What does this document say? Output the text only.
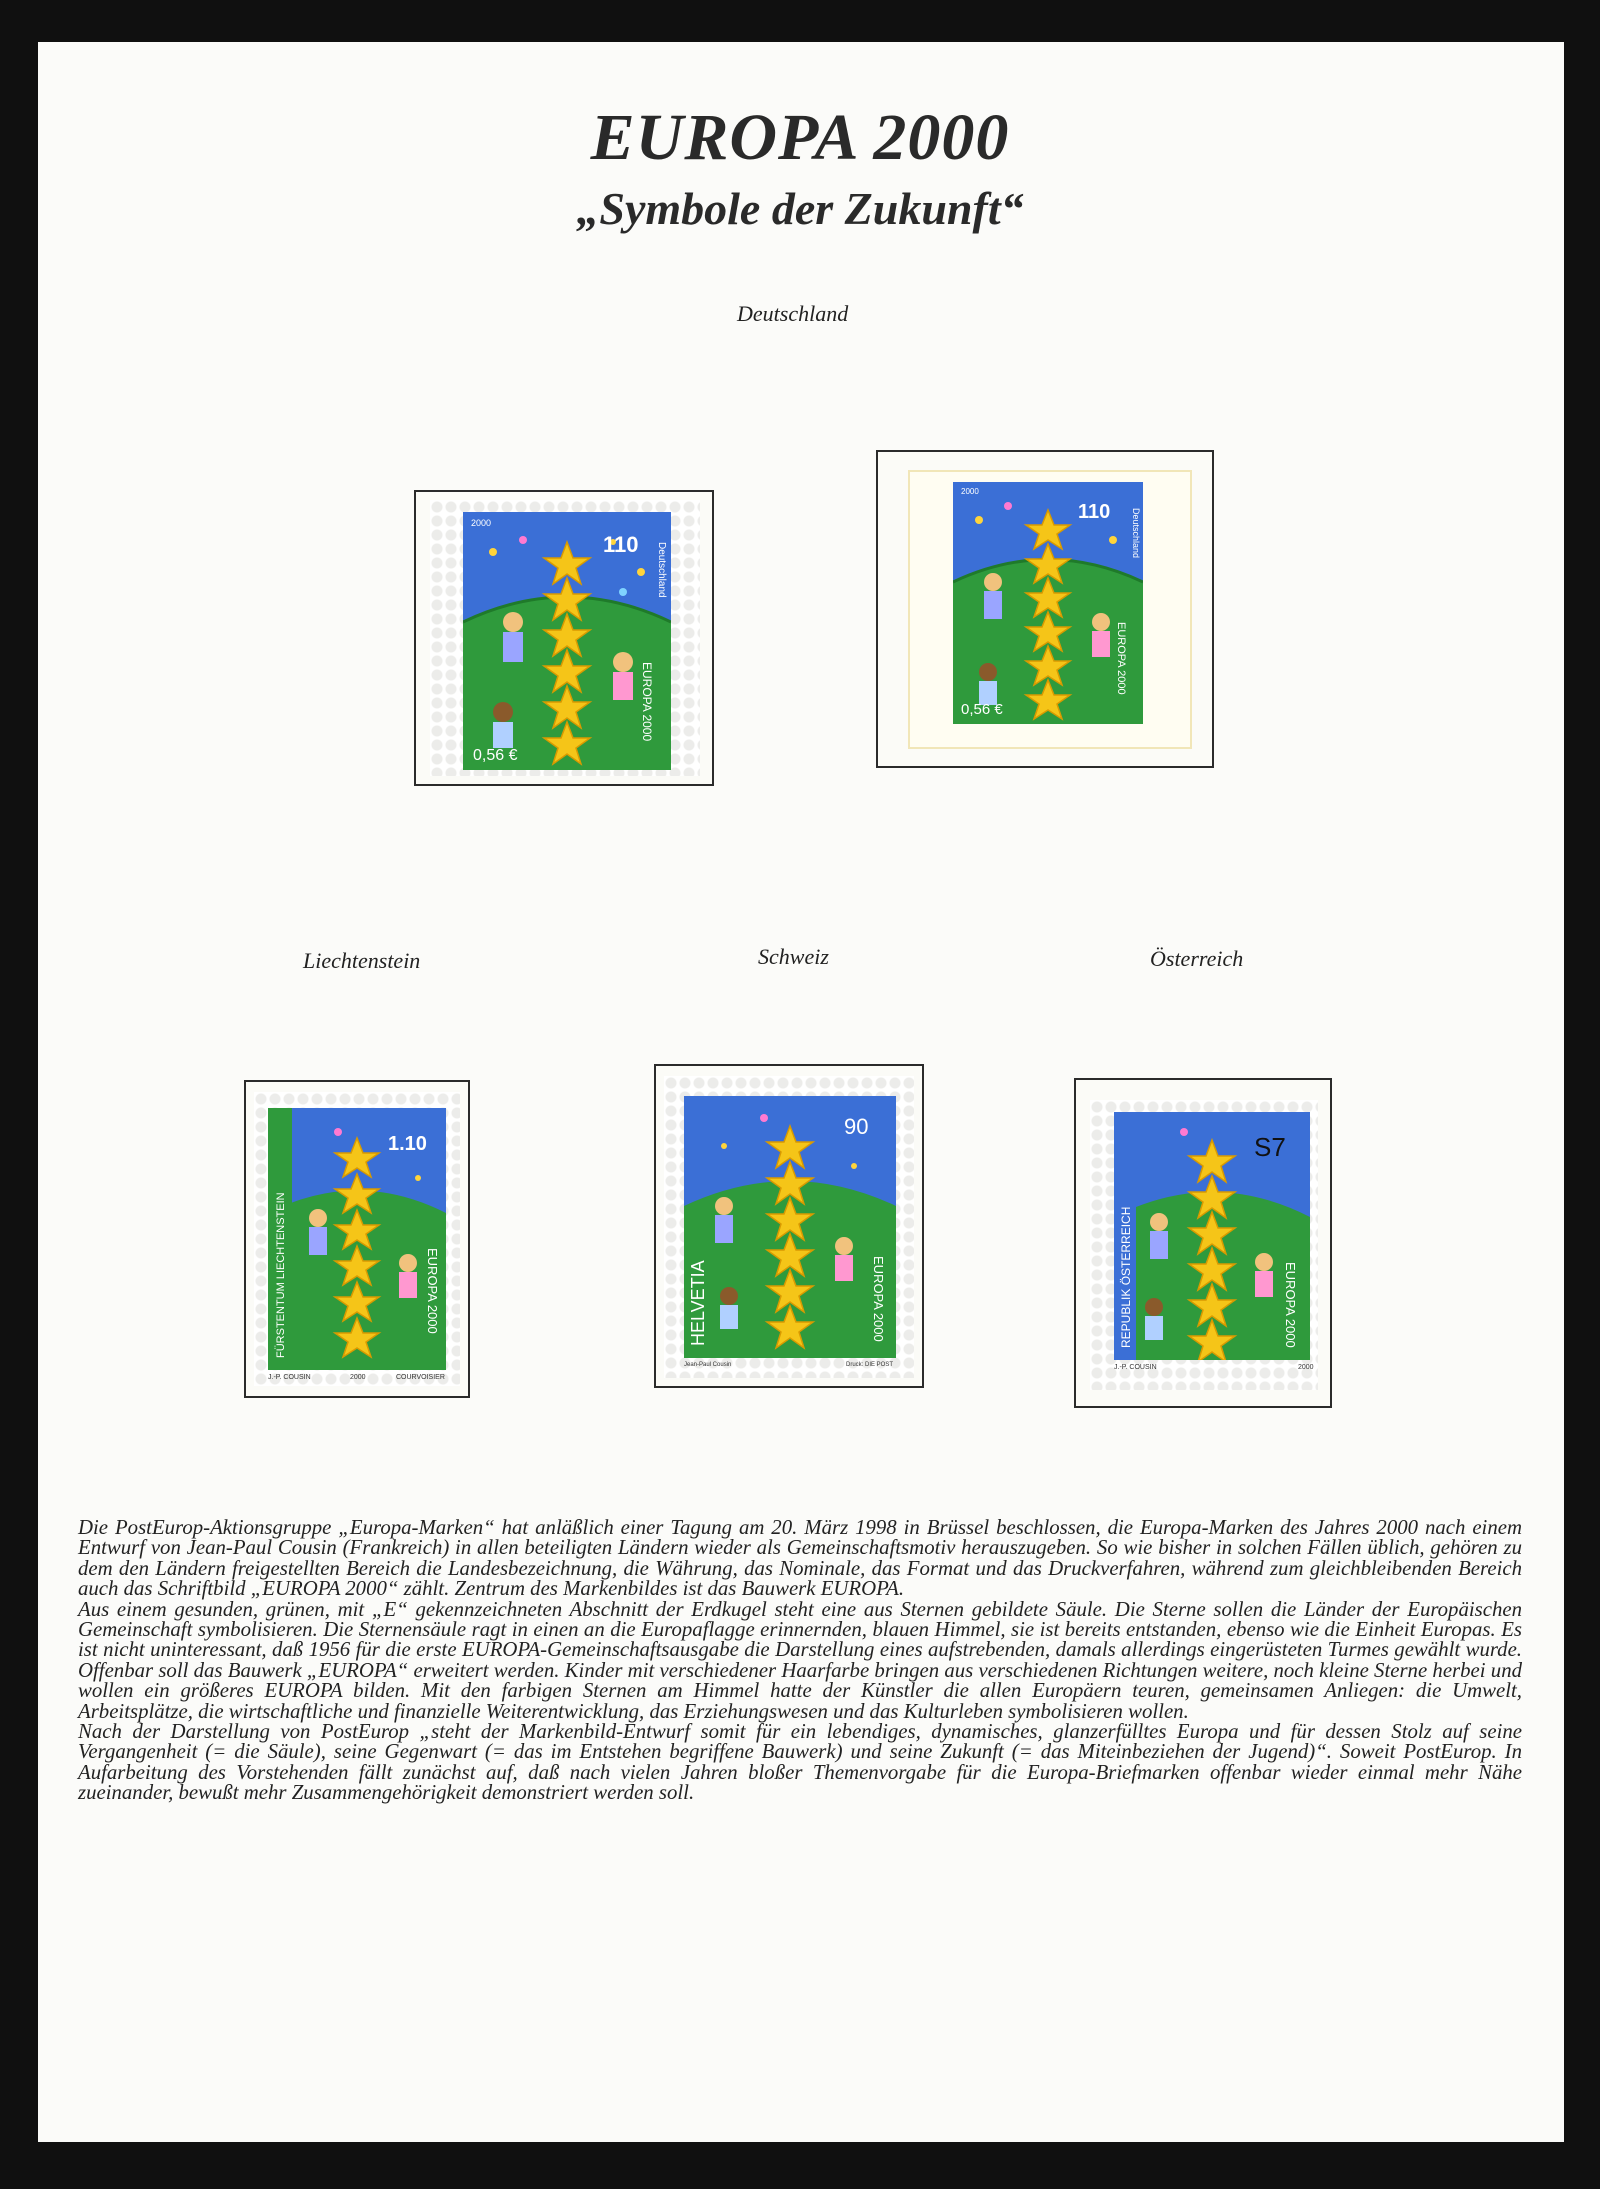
EUROPA 2000
„Symbole der Zukunft“
Deutschland
Liechtenstein	Schweiz	Österreich
2000
110
0,56 €
Deutschland
EUROPA 2000
2000
110
0,56 €
Deutschland
EUROPA 2000
1.10
FÜRSTENTUM LIECHTENSTEIN	EUROPA 2000
J.-P. COUSIN	2000	COURVOISIER
90
HELVETIA	EUROPA 2000
Jean-Paul Cousin	Druck: DIE POST
S7
REPUBLIK ÖSTERREICH	EUROPA 2000
J.-P. COUSIN	2000

Die PostEurop-Aktionsgruppe „Europa-Marken“ hat anläßlich einer Tagung am 20. März 1998 in Brüssel beschlossen, die Europa-Marken des Jahres 2000 nach einem Entwurf von Jean-Paul Cousin (Frankreich) in allen beteiligten Ländern wieder als Gemeinschaftsmotiv herauszugeben. So wie bisher in solchen Fällen üblich, gehören zu dem den Ländern freigestellten Bereich die Landesbezeichnung, die Währung, das Nominale, das Format und das Druckverfahren, während zum gleichbleibenden Bereich auch das Schriftbild „EUROPA 2000“ zählt. Zentrum des Markenbildes ist das Bauwerk EUROPA.

Aus einem gesunden, grünen, mit „E“ gekennzeichneten Abschnitt der Erdkugel steht eine aus Sternen gebildete Säule. Die Sterne sollen die Länder der Europäischen Gemeinschaft symbolisieren. Die Sternensäule ragt in einen an die Europaflagge erinnernden, blauen Himmel, sie ist bereits entstanden, ebenso wie die Einheit Europas. Es ist nicht uninteressant, daß 1956 für die erste EUROPA-Gemeinschaftsausgabe die Darstellung eines aufstrebenden, damals allerdings eingerüsteten Turmes gewählt wurde. Offenbar soll das Bauwerk „EUROPA“ erweitert werden. Kinder mit verschiedener Haarfarbe bringen aus verschiedenen Richtungen weitere, noch kleine Sterne herbei und wollen ein größeres EUROPA bilden. Mit den farbigen Sternen am Himmel hatte der Künstler die allen Europäern teuren, gemeinsamen Anliegen: die Umwelt, Arbeitsplätze, die wirtschaftliche und finanzielle Weiterentwicklung, das Erziehungswesen und das Kulturleben symbolisieren wollen.

Nach der Darstellung von PostEurop „steht der Markenbild-Entwurf somit für ein lebendiges, dynamisches, glanzerfülltes Europa und für dessen Stolz auf seine Vergangenheit (= die Säule), seine Gegenwart (= das im Entstehen begriffene Bauwerk) und seine Zukunft (= das Miteinbeziehen der Jugend)“. Soweit PostEurop. In Aufarbeitung des Vorstehenden fällt zunächst auf, daß nach vielen Jahren bloßer Themenvorgabe für die Europa-Briefmarken offenbar wieder einmal mehr Nähe zueinander, bewußt mehr Zusammengehörigkeit demonstriert werden soll.
